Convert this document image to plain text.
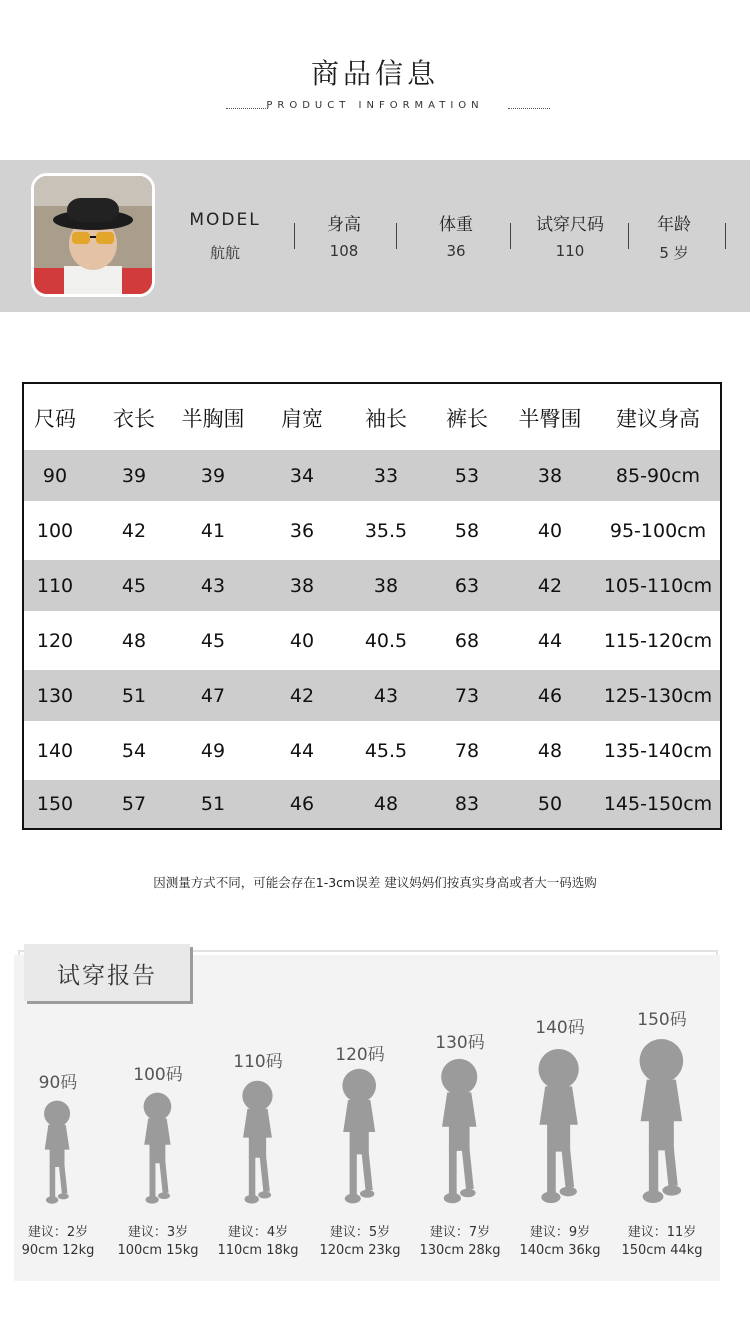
商品信息
PRODUCT INFORMATION
MODEL
航航
身高
108
体重
36
试穿尺码
110
年龄
5 岁
尺码	衣长	半胸围	肩宽	袖长	裤长	半臀围	建议身高
90	39	39	34	33	53	38	85-90cm
100	42	41	36	35.5	58	40	95-100cm
110	45	43	38	38	63	42	105-110cm
120	48	45	40	40.5	68	44	115-120cm
130	51	47	42	43	73	46	125-130cm
140	54	49	44	45.5	78	48	135-140cm
150	57	51	46	48	83	50	145-150cm
因测量方式不同，可能会存在1-3cm误差 建议妈妈们按真实身高或者大一码选购
试穿报告
90码
建议：2岁
90cm 12kg
100码
建议：3岁
100cm 15kg
110码
建议：4岁
110cm 18kg
120码
建议：5岁
120cm 23kg
130码
建议：7岁
130cm 28kg
140码
建议：9岁
140cm 36kg
150码
建议：11岁
150cm 44kg
